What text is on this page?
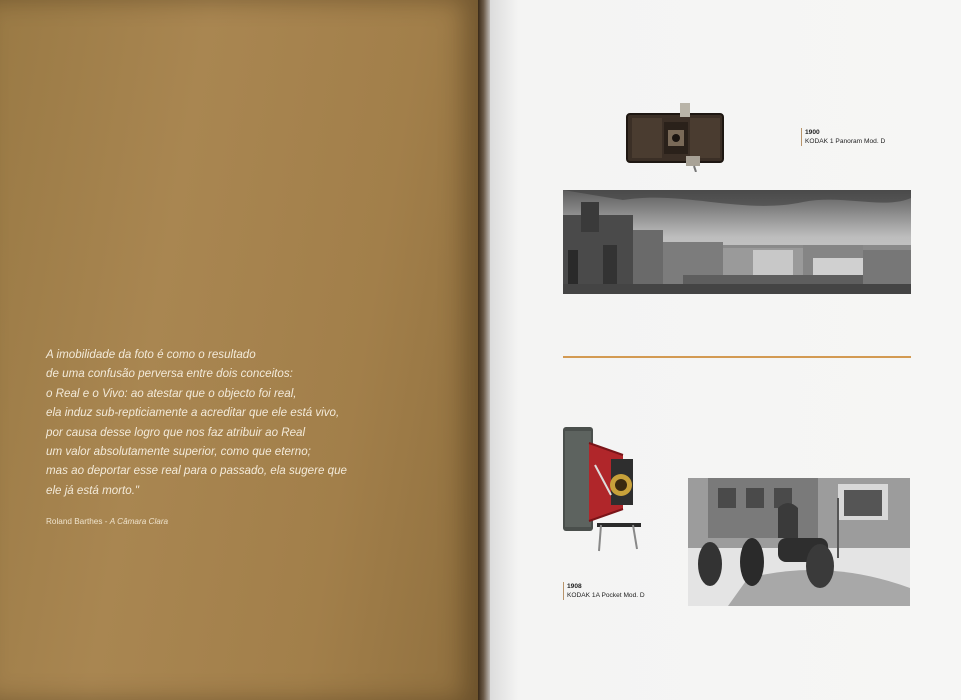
A imobilidade da foto é como o resultado
de uma confusão perversa entre dois conceitos:
o Real e o Vivo: ao atestar que o objecto foi real,
ela induz sub-repticiamente a acreditar que ele está vivo,
por causa desse logro que nos faz atribuir ao Real
um valor absolutamente superior, como que eterno;
mas ao deportar esse real para o passado, ela sugere que
ele já está morto."

Roland Barthes - A Câmara Clara
1900
KODAK 1 Panoram Mod. D
1908
KODAK 1A Pocket Mod. D
